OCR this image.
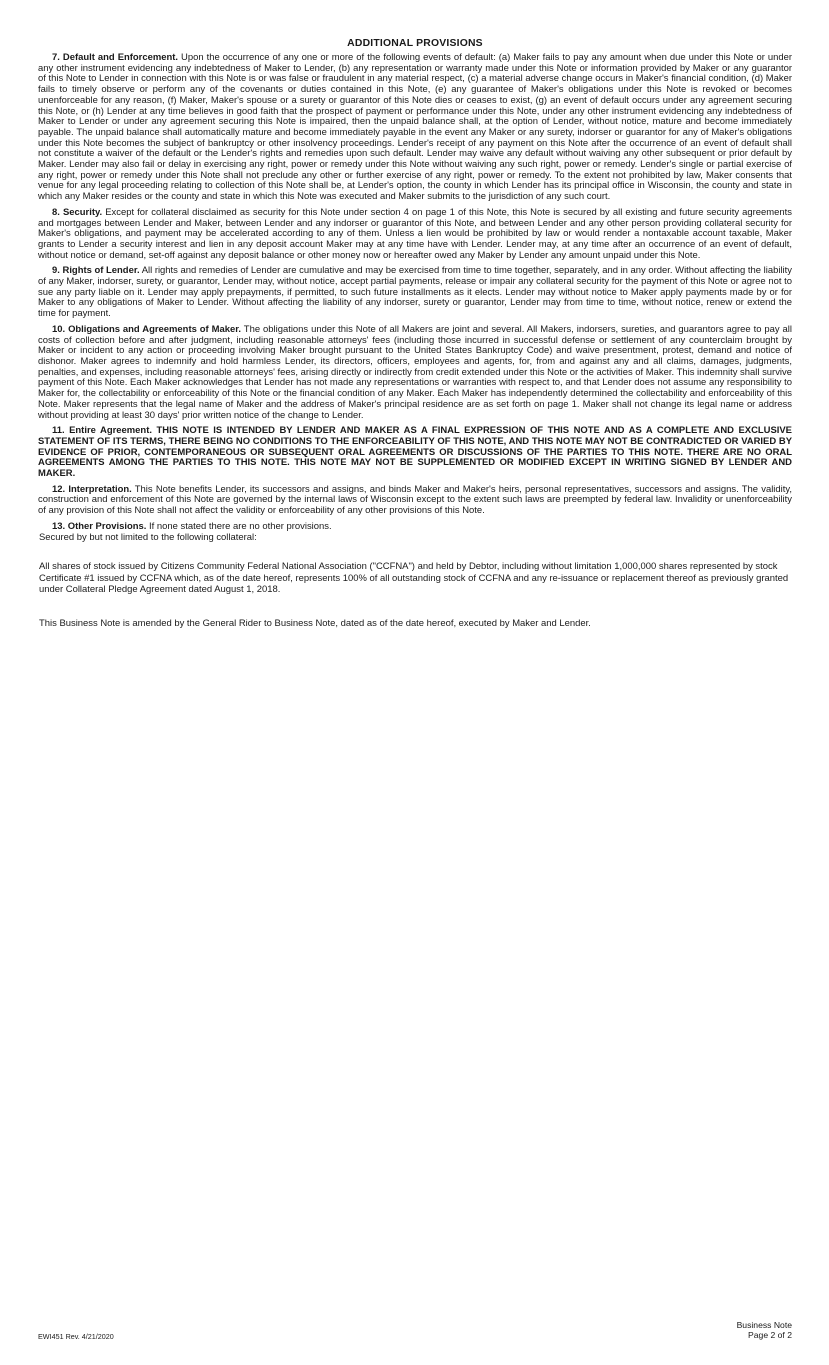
ADDITIONAL PROVISIONS

7. Default and Enforcement. Upon the occurrence of any one or more of the following events of default: (a) Maker fails to pay any amount when due under this Note or under any other instrument evidencing any indebtedness of Maker to Lender, (b) any representation or warranty made under this Note or information provided by Maker or any guarantor of this Note to Lender in connection with this Note is or was false or fraudulent in any material respect, (c) a material adverse change occurs in Maker's financial condition, (d) Maker fails to timely observe or perform any of the covenants or duties contained in this Note, (e) any guarantee of Maker's obligations under this Note is revoked or becomes unenforceable for any reason, (f) Maker, Maker's spouse or a surety or guarantor of this Note dies or ceases to exist, (g) an event of default occurs under any agreement securing this Note, or (h) Lender at any time believes in good faith that the prospect of payment or performance under this Note, under any other instrument evidencing any indebtedness of Maker to Lender or under any agreement securing this Note is impaired, then the unpaid balance shall, at the option of Lender, without notice, mature and become immediately payable. The unpaid balance shall automatically mature and become immediately payable in the event any Maker or any surety, indorser or guarantor for any of Maker's obligations under this Note becomes the subject of bankruptcy or other insolvency proceedings. Lender's receipt of any payment on this Note after the occurrence of an event of default shall not constitute a waiver of the default or the Lender's rights and remedies upon such default. Lender may waive any default without waiving any other subsequent or prior default by Maker. Lender may also fail or delay in exercising any right, power or remedy under this Note without waiving any such right, power or remedy. Lender's single or partial exercise of any right, power or remedy under this Note shall not preclude any other or further exercise of any right, power or remedy. To the extent not prohibited by law, Maker consents that venue for any legal proceeding relating to collection of this Note shall be, at Lender's option, the county in which Lender has its principal office in Wisconsin, the county and state in which any Maker resides or the county and state in which this Note was executed and Maker submits to the jurisdiction of any such court.

8. Security. Except for collateral disclaimed as security for this Note under section 4 on page 1 of this Note, this Note is secured by all existing and future security agreements and mortgages between Lender and Maker, between Lender and any indorser or guarantor of this Note, and between Lender and any other person providing collateral security for Maker's obligations, and payment may be accelerated according to any of them. Unless a lien would be prohibited by law or would render a nontaxable account taxable, Maker grants to Lender a security interest and lien in any deposit account Maker may at any time have with Lender. Lender may, at any time after an occurrence of an event of default, without notice or demand, set-off against any deposit balance or other money now or hereafter owed any Maker by Lender any amount unpaid under this Note.

9. Rights of Lender. All rights and remedies of Lender are cumulative and may be exercised from time to time together, separately, and in any order. Without affecting the liability of any Maker, indorser, surety, or guarantor, Lender may, without notice, accept partial payments, release or impair any collateral security for the payment of this Note or agree not to sue any party liable on it. Lender may apply prepayments, if permitted, to such future installments as it elects. Lender may without notice to Maker apply payments made by or for Maker to any obligations of Maker to Lender. Without affecting the liability of any indorser, surety or guarantor, Lender may from time to time, without notice, renew or extend the time for payment.

10. Obligations and Agreements of Maker. The obligations under this Note of all Makers are joint and several. All Makers, indorsers, sureties, and guarantors agree to pay all costs of collection before and after judgment, including reasonable attorneys' fees (including those incurred in successful defense or settlement of any counterclaim brought by Maker or incident to any action or proceeding involving Maker brought pursuant to the United States Bankruptcy Code) and waive presentment, protest, demand and notice of dishonor. Maker agrees to indemnify and hold harmless Lender, its directors, officers, employees and agents, for, from and against any and all claims, damages, judgments, penalties, and expenses, including reasonable attorneys' fees, arising directly or indirectly from credit extended under this Note or the activities of Maker. This indemnity shall survive payment of this Note. Each Maker acknowledges that Lender has not made any representations or warranties with respect to, and that Lender does not assume any responsibility to Maker for, the collectability or enforceability of this Note or the financial condition of any Maker. Each Maker has independently determined the collectability and enforceability of this Note. Maker represents that the legal name of Maker and the address of Maker's principal residence are as set forth on page 1. Maker shall not change its legal name or address without providing at least 30 days' prior written notice of the change to Lender.

11. Entire Agreement. THIS NOTE IS INTENDED BY LENDER AND MAKER AS A FINAL EXPRESSION OF THIS NOTE AND AS A COMPLETE AND EXCLUSIVE STATEMENT OF ITS TERMS, THERE BEING NO CONDITIONS TO THE ENFORCEABILITY OF THIS NOTE, AND THIS NOTE MAY NOT BE CONTRADICTED OR VARIED BY EVIDENCE OF PRIOR, CONTEMPORANEOUS OR SUBSEQUENT ORAL AGREEMENTS OR DISCUSSIONS OF THE PARTIES TO THIS NOTE. THERE ARE NO ORAL AGREEMENTS AMONG THE PARTIES TO THIS NOTE. THIS NOTE MAY NOT BE SUPPLEMENTED OR MODIFIED EXCEPT IN WRITING SIGNED BY LENDER AND MAKER.

12. Interpretation. This Note benefits Lender, its successors and assigns, and binds Maker and Maker's heirs, personal representatives, successors and assigns. The validity, construction and enforcement of this Note are governed by the internal laws of Wisconsin except to the extent such laws are preempted by federal law. Invalidity or unenforceability of any provision of this Note shall not affect the validity or enforceability of any other provisions of this Note.

13. Other Provisions. If none stated there are no other provisions.

Secured by but not limited to the following collateral:

All shares of stock issued by Citizens Community Federal National Association ("CCFNA") and held by Debtor, including without limitation 1,000,000 shares represented by stock Certificate #1 issued by CCFNA which, as of the date hereof, represents 100% of all outstanding stock of CCFNA and any re-issuance or replacement thereof as previously granted under Collateral Pledge Agreement dated August 1, 2018.

This Business Note is amended by the General Rider to Business Note, dated as of the date hereof, executed by Maker and Lender.

EWI451 Rev. 4/21/2020
Business Note
Page 2 of 2
